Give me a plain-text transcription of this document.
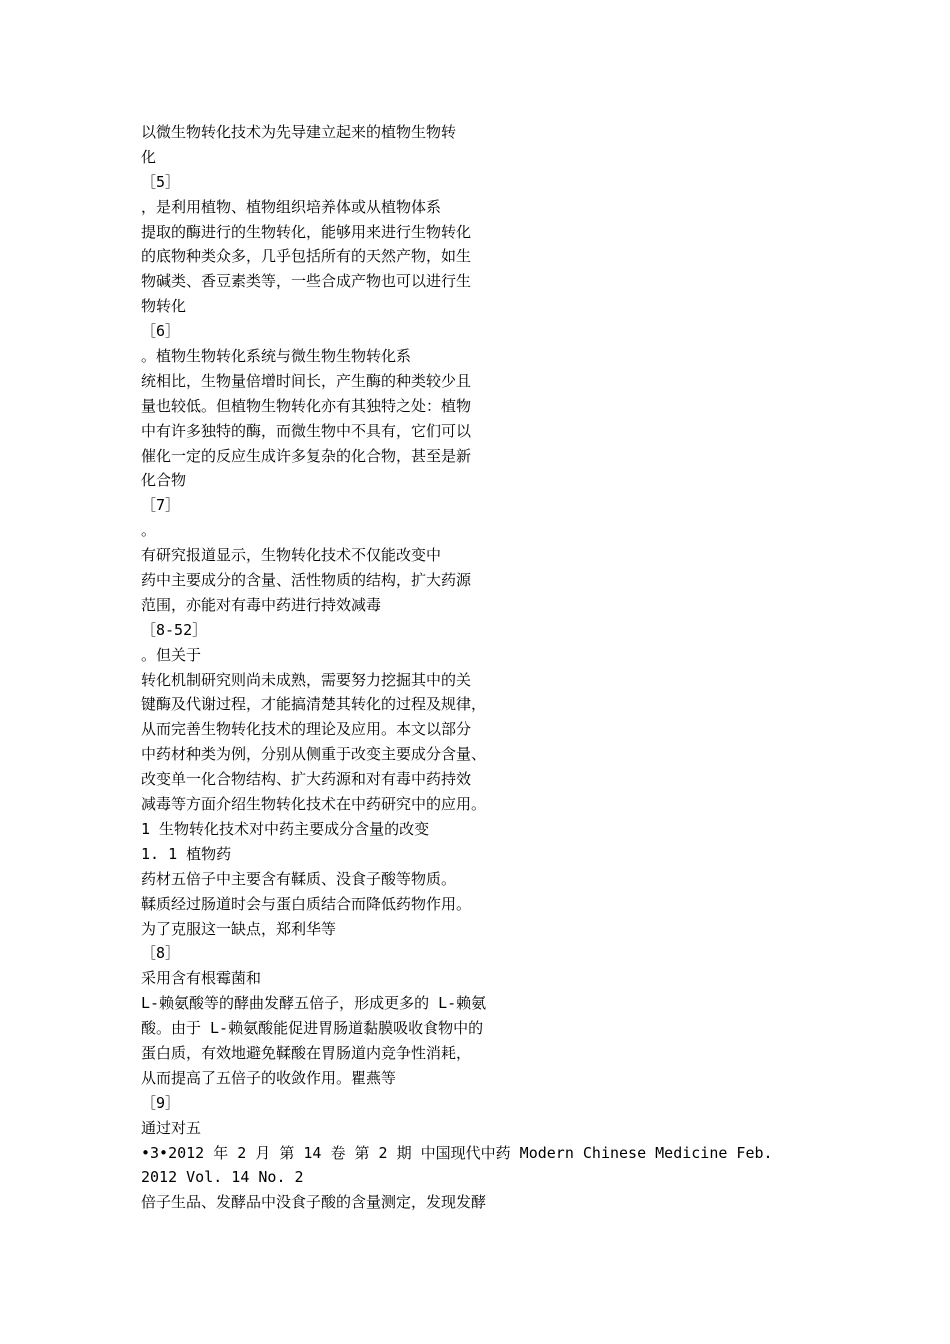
以微生物转化技术为先导建立起来的植物生物转
化
［5］
，是利用植物、植物组织培养体或从植物体系
提取的酶进行的生物转化，能够用来进行生物转化
的底物种类众多，几乎包括所有的天然产物，如生
物碱类、香豆素类等，一些合成产物也可以进行生
物转化
［6］
。植物生物转化系统与微生物生物转化系
统相比，生物量倍增时间长，产生酶的种类较少且
量也较低。但植物生物转化亦有其独特之处：植物
中有许多独特的酶，而微生物中不具有，它们可以
催化一定的反应生成许多复杂的化合物，甚至是新
化合物
［7］
。
有研究报道显示，生物转化技术不仅能改变中
药中主要成分的含量、活性物质的结构，扩大药源
范围，亦能对有毒中药进行持效减毒
［8-52］
。但关于
转化机制研究则尚未成熟，需要努力挖掘其中的关
键酶及代谢过程，才能搞清楚其转化的过程及规律，
从而完善生物转化技术的理论及应用。本文以部分
中药材种类为例，分别从侧重于改变主要成分含量、
改变单一化合物结构、扩大药源和对有毒中药持效
减毒等方面介绍生物转化技术在中药研究中的应用。
1 生物转化技术对中药主要成分含量的改变
1. 1 植物药
药材五倍子中主要含有鞣质、没食子酸等物质。
鞣质经过肠道时会与蛋白质结合而降低药物作用。
为了克服这一缺点，郑利华等
［8］
采用含有根霉菌和
L-赖氨酸等的酵曲发酵五倍子，形成更多的 L-赖氨
酸。由于 L-赖氨酸能促进胃肠道黏膜吸收食物中的
蛋白质，有效地避免鞣酸在胃肠道内竞争性消耗，
从而提高了五倍子的收敛作用。瞿燕等
［9］
通过对五
•3•2012 年 2 月 第 14 卷 第 2 期 中国现代中药 Modern Chinese Medicine Feb.
2012 Vol. 14 No. 2
倍子生品、发酵品中没食子酸的含量测定，发现发酵
